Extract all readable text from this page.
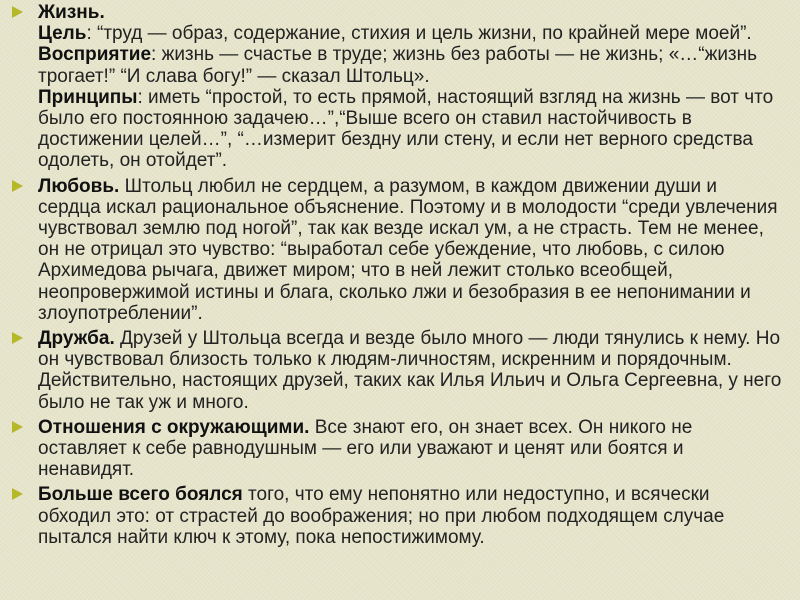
Жизнь.
Цель: “труд — образ, содержание, стихия и цель жизни, по крайней мере моей”.
Восприятие: жизнь — счастье в труде; жизнь без работы — не жизнь; «…“жизнь трогает!” “И слава богу!” — сказал Штольц».
Принципы: иметь “простой, то есть прямой, настоящий взгляд на жизнь — вот что было его постоянною задачею…”,“Выше всего он ставил настойчивость в достижении целей…”, “…измерит бездну или стену, и если нет верного средства одолеть, он отойдет”.
Любовь. Штольц любил не сердцем, а разумом, в каждом движении души и сердца искал рациональное объяснение. Поэтому и в молодости “среди увлечения чувствовал землю под ногой”, так как везде искал ум, а не страсть. Тем не менее, он не отрицал это чувство: “выработал себе убеждение, что любовь, с силою Архимедова рычага, движет миром; что в ней лежит столько всеобщей, неопровержимой истины и блага, сколько лжи и безобразия в ее непонимании и злоупотреблении”.
Дружба. Друзей у Штольца всегда и везде было много — люди тянулись к нему. Но он чувствовал близость только к людям-личностям, искренним и порядочным. Действительно, настоящих друзей, таких как Илья Ильич и Ольга Сергеевна, у него было не так уж и много.
Отношения с окружающими. Все знают его, он знает всех. Он никого не оставляет к себе равнодушным — его или уважают и ценят или боятся и ненавидят.
Больше всего боялся того, что ему непонятно или недоступно, и всячески обходил это: от страстей до воображения; но при любом подходящем случае пытался найти ключ к этому, пока непостижимому.
